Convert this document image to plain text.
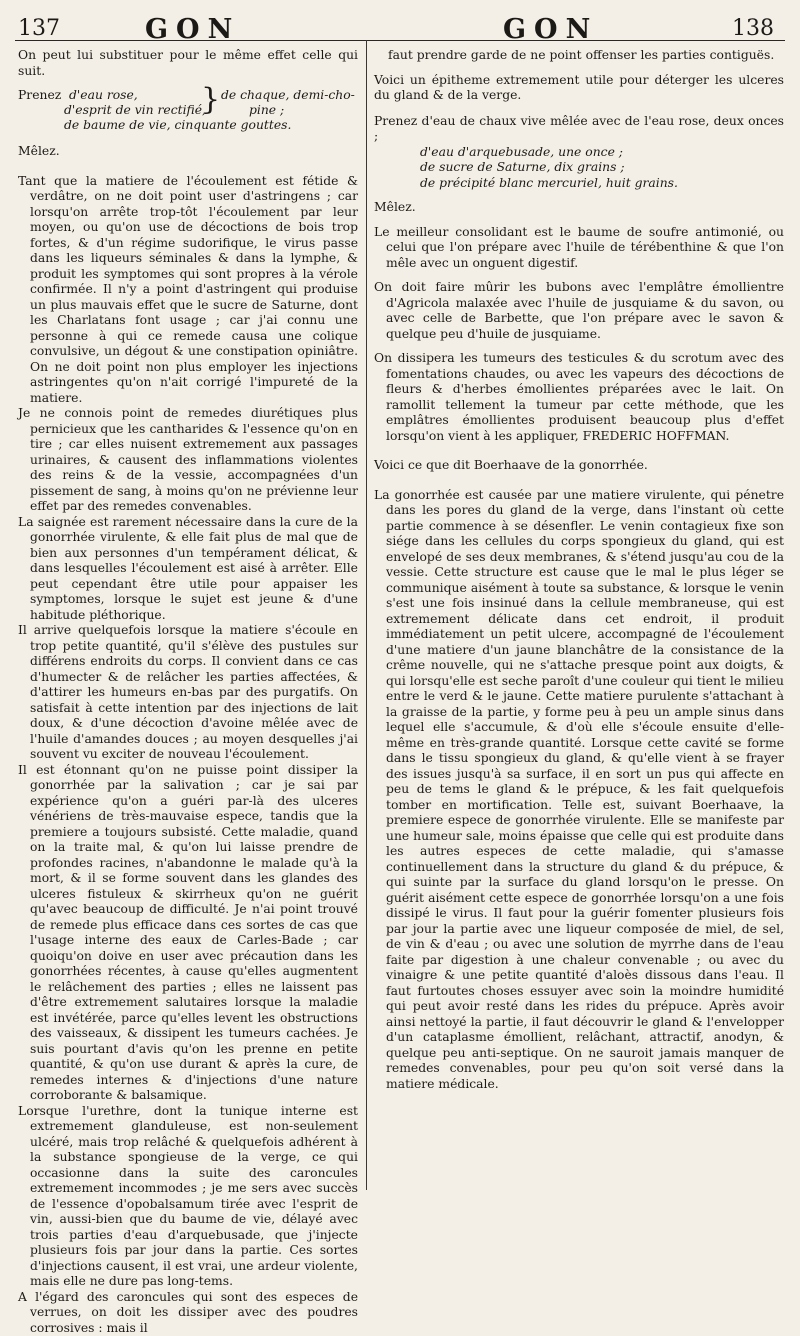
137	GON	GON	138

On peut lui substituer pour le même effet celle qui suit.

Prenez d'eau rose,
d'esprit de vin rectifié,
de baume de vie, cinquante gouttes.
} de chaque, demi-cho-
pine ;

Mêlez.

Tant que la matiere de l'écoulement est fétide & verdâtre, on ne doit point user d'astringens ; car lorsqu'on arrête trop-tôt l'écoulement par leur moyen, ou qu'on use de décoctions de bois trop fortes, & d'un régime sudorifique, le virus passe dans les liqueurs séminales & dans la lymphe, & produit les symptomes qui sont propres à la vérole confirmée. Il n'y a point d'astringent qui produise un plus mauvais effet que le sucre de Saturne, dont les Charlatans font usage ; car j'ai connu une personne à qui ce remede causa une colique convulsive, un dégout & une constipation opiniâtre. On ne doit point non plus employer les injections astringentes qu'on n'ait corrigé l'impureté de la matiere.

Je ne connois point de remedes diurétiques plus pernicieux que les cantharides & l'essence qu'on en tire ; car elles nuisent extremement aux passages urinaires, & causent des inflammations violentes des reins & de la vessie, accompagnées d'un pissement de sang, à moins qu'on ne prévienne leur effet par des remedes convenables.

La saignée est rarement nécessaire dans la cure de la gonorrhée virulente, & elle fait plus de mal que de bien aux personnes d'un tempérament délicat, & dans lesquelles l'écoulement est aisé à arrêter. Elle peut cependant être utile pour appaiser les symptomes, lorsque le sujet est jeune & d'une habitude pléthorique.

Il arrive quelquefois lorsque la matiere s'écoule en trop petite quantité, qu'il s'élève des pustules sur différens endroits du corps. Il convient dans ce cas d'humecter & de relâcher les parties affectées, & d'attirer les humeurs en-bas par des purgatifs. On satisfait à cette intention par des injections de lait doux, & d'une décoction d'avoine mêlée avec de l'huile d'amandes douces ; au moyen desquelles j'ai souvent vu exciter de nouveau l'écoulement.

Il est étonnant qu'on ne puisse point dissiper la gonorrhée par la salivation ; car je sai par expérience qu'on a guéri par-là des ulceres vénériens de très-mauvaise espece, tandis que la premiere a toujours subsisté. Cette maladie, quand on la traite mal, & qu'on lui laisse prendre de profondes racines, n'abandonne le malade qu'à la mort, & il se forme souvent dans les glandes des ulceres fistuleux & skirrheux qu'on ne guérit qu'avec beaucoup de difficulté. Je n'ai point trouvé de remede plus efficace dans ces sortes de cas que l'usage interne des eaux de Carles-Bade ; car quoiqu'on doive en user avec précaution dans les gonorrhées récentes, à cause qu'elles augmentent le relâchement des parties ; elles ne laissent pas d'être extremement salutaires lorsque la maladie est invétérée, parce qu'elles levent les obstructions des vaisseaux, & dissipent les tumeurs cachées. Je suis pourtant d'avis qu'on les prenne en petite quantité, & qu'on use durant & après la cure, de remedes internes & d'injections d'une nature corroborante & balsamique.

Lorsque l'urethre, dont la tunique interne est extremement glanduleuse, est non-seulement ulcéré, mais trop relâché & quelquefois adhérent à la substance spongieuse de la verge, ce qui occasionne dans la suite des caroncules extremement incommodes ; je me sers avec succès de l'essence d'opobalsamum tirée avec l'esprit de vin, aussi-bien que du baume de vie, délayé avec trois parties d'eau d'arquebusade, que j'injecte plusieurs fois par jour dans la partie. Ces sortes d'injections causent, il est vrai, une ardeur violente, mais elle ne dure pas long-tems.

A l'égard des caroncules qui sont des especes de verrues, on doit les dissiper avec des poudres corrosives : mais il

faut prendre garde de ne point offenser les parties contiguës.

Voici un épitheme extremement utile pour déterger les ulceres du gland & de la verge.

Prenez d'eau de chaux vive mêlée avec de l'eau rose, deux onces ;

d'eau d'arquebusade, une once ;

de sucre de Saturne, dix grains ;

de précipité blanc mercuriel, huit grains.

Mêlez.

Le meilleur consolidant est le baume de soufre antimonié, ou celui que l'on prépare avec l'huile de térébenthine & que l'on mêle avec un onguent digestif.

On doit faire mûrir les bubons avec l'emplâtre émollientre d'Agricola malaxée avec l'huile de jusquiame & du savon, ou avec celle de Barbette, que l'on prépare avec le savon & quelque peu d'huile de jusquiame.

On dissipera les tumeurs des testicules & du scrotum avec des fomentations chaudes, ou avec les vapeurs des décoctions de fleurs & d'herbes émollientes préparées avec le lait. On ramollit tellement la tumeur par cette méthode, que les emplâtres émollientes produisent beaucoup plus d'effet lorsqu'on vient à les appliquer, FREDERIC HOFFMAN.

Voici ce que dit Boerhaave de la gonorrhée.

La gonorrhée est causée par une matiere virulente, qui pénetre dans les pores du gland de la verge, dans l'instant où cette partie commence à se désenfler. Le venin contagieux fixe son siége dans les cellules du corps spongieux du gland, qui est envelopé de ses deux membranes, & s'étend jusqu'au cou de la vessie. Cette structure est cause que le mal le plus léger se communique aisément à toute sa substance, & lorsque le venin s'est une fois insinué dans la cellule membraneuse, qui est extremement délicate dans cet endroit, il produit immédiatement un petit ulcere, accompagné de l'écoulement d'une matiere d'un jaune blanchâtre de la consistance de la crême nouvelle, qui ne s'attache presque point aux doigts, & qui lorsqu'elle est seche paroît d'une couleur qui tient le milieu entre le verd & le jaune. Cette matiere purulente s'attachant à la graisse de la partie, y forme peu à peu un ample sinus dans lequel elle s'accumule, & d'où elle s'écoule ensuite d'elle-même en très-grande quantité. Lorsque cette cavité se forme dans le tissu spongieux du gland, & qu'elle vient à se frayer des issues jusqu'à sa surface, il en sort un pus qui affecte en peu de tems le gland & le prépuce, & les fait quelquefois tomber en mortification. Telle est, suivant Boerhaave, la premiere espece de gonorrhée virulente. Elle se manifeste par une humeur sale, moins épaisse que celle qui est produite dans les autres especes de cette maladie, qui s'amasse continuellement dans la structure du gland & du prépuce, & qui suinte par la surface du gland lorsqu'on le presse. On guérit aisément cette espece de gonorrhée lorsqu'on a une fois dissipé le virus. Il faut pour la guérir fomenter plusieurs fois par jour la partie avec une liqueur composée de miel, de sel, de vin & d'eau ; ou avec une solution de myrrhe dans de l'eau faite par digestion à une chaleur convenable ; ou avec du vinaigre & une petite quantité d'aloès dissous dans l'eau. Il faut furtoutes choses essuyer avec soin la moindre humidité qui peut avoir resté dans les rides du prépuce. Après avoir ainsi nettoyé la partie, il faut découvrir le gland & l'envelopper d'un cataplasme émollient, relâchant, attractif, anodyn, & quelque peu anti-septique. On ne sauroit jamais manquer de remedes convenables, pour peu qu'on soit versé dans la matiere médicale.
